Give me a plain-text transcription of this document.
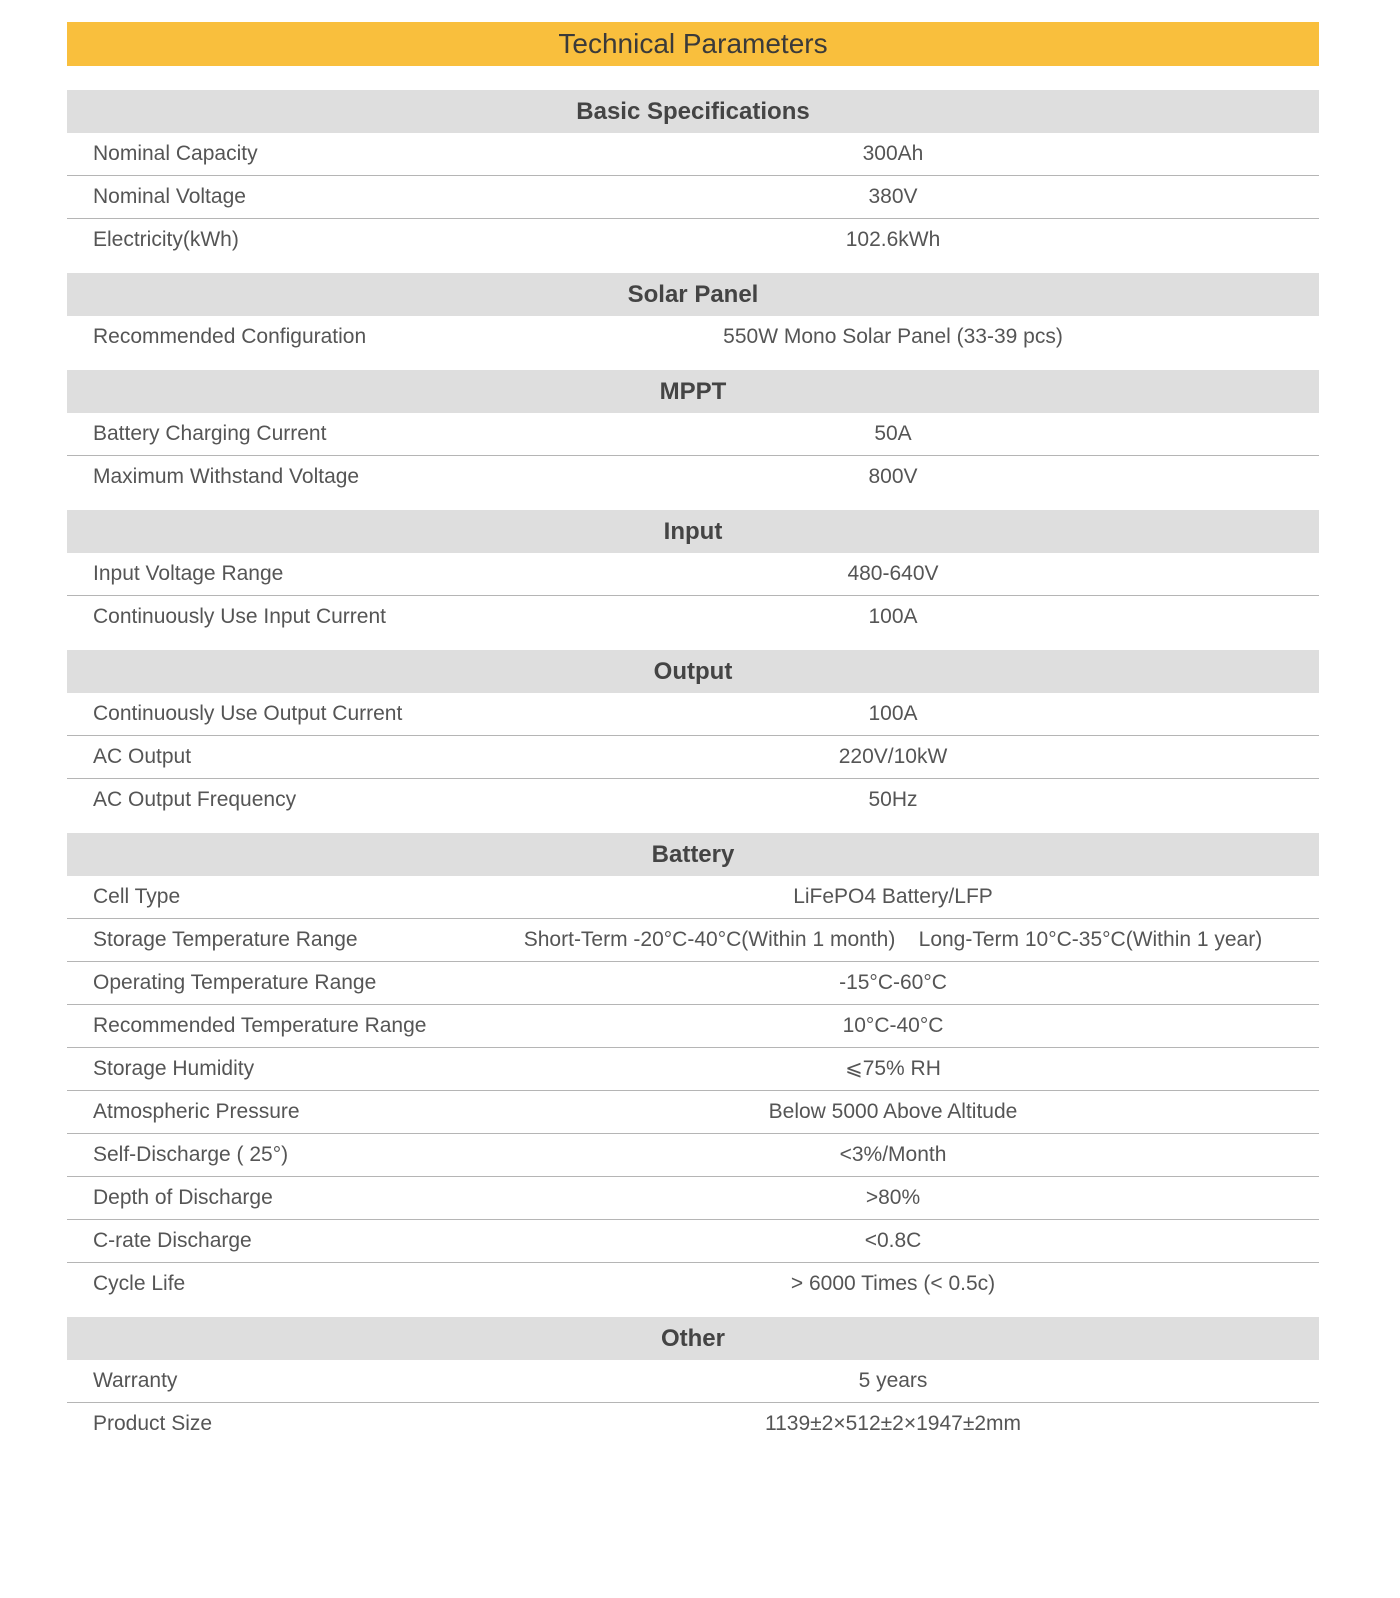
Technical Parameters
Basic Specifications
Nominal Capacity	300Ah
Nominal Voltage	380V
Electricity(kWh)	102.6kWh
Solar Panel
Recommended Configuration	550W Mono Solar Panel (33-39 pcs)
MPPT
Battery Charging Current	50A
Maximum Withstand Voltage	800V
Input
Input Voltage Range	480-640V
Continuously Use Input Current	100A
Output
Continuously Use Output Current	100A
AC Output	220V/10kW
AC Output Frequency	50Hz
Battery
Cell Type	LiFePO4 Battery/LFP
Storage Temperature Range	Short-Term -20°C-40°C(Within 1 month)    Long-Term 10°C-35°C(Within 1 year)
Operating Temperature Range	-15°C-60°C
Recommended Temperature Range	10°C-40°C
Storage Humidity	⩽75% RH
Atmospheric Pressure	Below 5000 Above Altitude
Self-Discharge ( 25°)	<3%/Month
Depth of Discharge	>80%
C-rate Discharge	<0.8C
Cycle Life	> 6000 Times (< 0.5c)
Other
Warranty	5 years
Product Size	1139±2×512±2×1947±2mm
